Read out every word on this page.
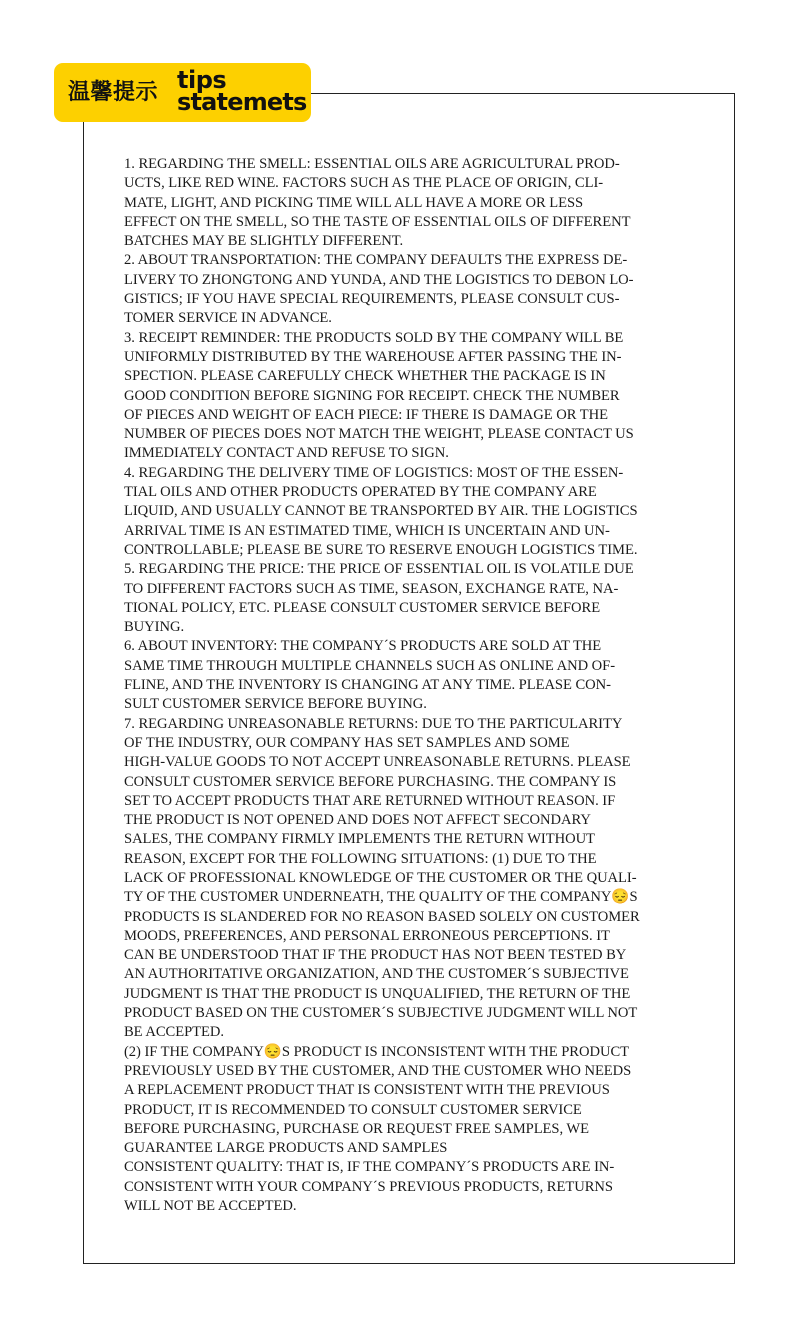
温馨提示 tips
statemets
1. REGARDING THE SMELL: ESSENTIAL OILS ARE AGRICULTURAL PROD-
UCTS, LIKE RED WINE. FACTORS SUCH AS THE PLACE OF ORIGIN, CLI-
MATE, LIGHT, AND PICKING TIME WILL ALL HAVE A MORE OR LESS
EFFECT ON THE SMELL, SO THE TASTE OF ESSENTIAL OILS OF DIFFERENT
BATCHES MAY BE SLIGHTLY DIFFERENT.
2. ABOUT TRANSPORTATION: THE COMPANY DEFAULTS THE EXPRESS DE-
LIVERY TO ZHONGTONG AND YUNDA, AND THE LOGISTICS TO DEBON LO-
GISTICS; IF YOU HAVE SPECIAL REQUIREMENTS, PLEASE CONSULT CUS-
TOMER SERVICE IN ADVANCE.
3. RECEIPT REMINDER: THE PRODUCTS SOLD BY THE COMPANY WILL BE
UNIFORMLY DISTRIBUTED BY THE WAREHOUSE AFTER PASSING THE IN-
SPECTION. PLEASE CAREFULLY CHECK WHETHER THE PACKAGE IS IN
GOOD CONDITION BEFORE SIGNING FOR RECEIPT. CHECK THE NUMBER
OF PIECES AND WEIGHT OF EACH PIECE: IF THERE IS DAMAGE OR THE
NUMBER OF PIECES DOES NOT MATCH THE WEIGHT, PLEASE CONTACT US
IMMEDIATELY CONTACT AND REFUSE TO SIGN.
4. REGARDING THE DELIVERY TIME OF LOGISTICS: MOST OF THE ESSEN-
TIAL OILS AND OTHER PRODUCTS OPERATED BY THE COMPANY ARE
LIQUID, AND USUALLY CANNOT BE TRANSPORTED BY AIR. THE LOGISTICS
ARRIVAL TIME IS AN ESTIMATED TIME, WHICH IS UNCERTAIN AND UN-
CONTROLLABLE; PLEASE BE SURE TO RESERVE ENOUGH LOGISTICS TIME.
5. REGARDING THE PRICE: THE PRICE OF ESSENTIAL OIL IS VOLATILE DUE
TO DIFFERENT FACTORS SUCH AS TIME, SEASON, EXCHANGE RATE, NA-
TIONAL POLICY, ETC. PLEASE CONSULT CUSTOMER SERVICE BEFORE
BUYING.
6. ABOUT INVENTORY: THE COMPANY´S PRODUCTS ARE SOLD AT THE
SAME TIME THROUGH MULTIPLE CHANNELS SUCH AS ONLINE AND OF-
FLINE, AND THE INVENTORY IS CHANGING AT ANY TIME. PLEASE CON-
SULT CUSTOMER SERVICE BEFORE BUYING.
7. REGARDING UNREASONABLE RETURNS: DUE TO THE PARTICULARITY
OF THE INDUSTRY, OUR COMPANY HAS SET SAMPLES AND SOME
HIGH-VALUE GOODS TO NOT ACCEPT UNREASONABLE RETURNS. PLEASE
CONSULT CUSTOMER SERVICE BEFORE PURCHASING. THE COMPANY IS
SET TO ACCEPT PRODUCTS THAT ARE RETURNED WITHOUT REASON. IF
THE PRODUCT IS NOT OPENED AND DOES NOT AFFECT SECONDARY
SALES, THE COMPANY FIRMLY IMPLEMENTS THE RETURN WITHOUT
REASON, EXCEPT FOR THE FOLLOWING SITUATIONS: (1) DUE TO THE
LACK OF PROFESSIONAL KNOWLEDGE OF THE CUSTOMER OR THE QUALI-
TY OF THE CUSTOMER UNDERNEATH, THE QUALITY OF THE COMPANY😔S
PRODUCTS IS SLANDERED FOR NO REASON BASED SOLELY ON CUSTOMER
MOODS, PREFERENCES, AND PERSONAL ERRONEOUS PERCEPTIONS. IT
CAN BE UNDERSTOOD THAT IF THE PRODUCT HAS NOT BEEN TESTED BY
AN AUTHORITATIVE ORGANIZATION, AND THE CUSTOMER´S SUBJECTIVE
JUDGMENT IS THAT THE PRODUCT IS UNQUALIFIED, THE RETURN OF THE
PRODUCT BASED ON THE CUSTOMER´S SUBJECTIVE JUDGMENT WILL NOT
BE ACCEPTED.
(2) IF THE COMPANY😔S PRODUCT IS INCONSISTENT WITH THE PRODUCT
PREVIOUSLY USED BY THE CUSTOMER, AND THE CUSTOMER WHO NEEDS
A REPLACEMENT PRODUCT THAT IS CONSISTENT WITH THE PREVIOUS
PRODUCT, IT IS RECOMMENDED TO CONSULT CUSTOMER SERVICE
BEFORE PURCHASING, PURCHASE OR REQUEST FREE SAMPLES, WE
GUARANTEE LARGE PRODUCTS AND SAMPLES
CONSISTENT QUALITY: THAT IS, IF THE COMPANY´S PRODUCTS ARE IN-
CONSISTENT WITH YOUR COMPANY´S PREVIOUS PRODUCTS, RETURNS
WILL NOT BE ACCEPTED.
